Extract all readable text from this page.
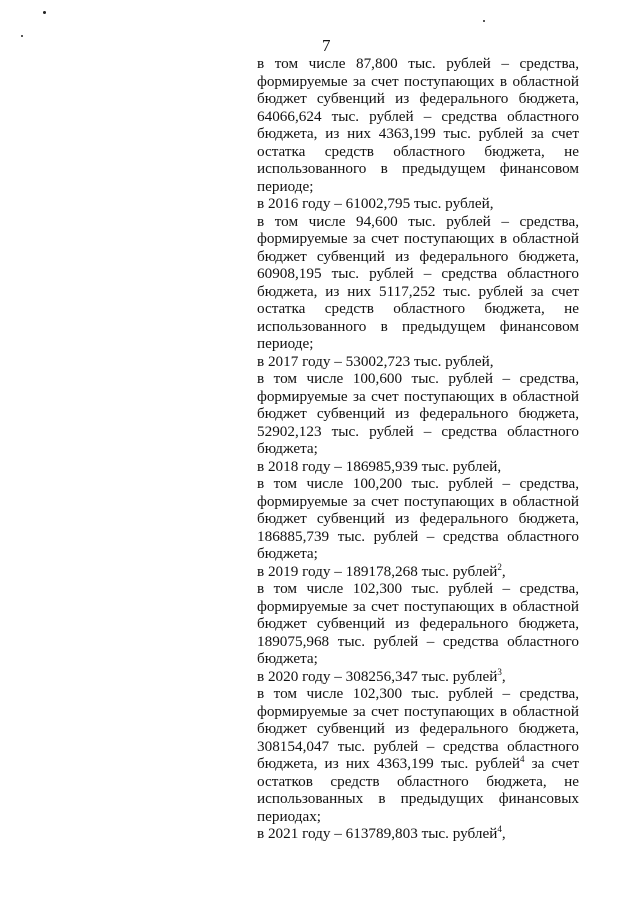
7

в том числе 87,800 тыс. рублей – средства, формируемые за счет поступающих в областной бюджет субвенций из федерального бюджета, 64066,624 тыс. рублей – средства областного бюджета, из них 4363,199 тыс. рублей за счет остатка средств областного бюджета, не использованного в предыдущем финансовом периоде;

в 2016 году – 61002,795 тыс. рублей,

в том числе 94,600 тыс. рублей – средства, формируемые за счет поступающих в областной бюджет субвенций из федерального бюджета, 60908,195 тыс. рублей – средства областного бюджета, из них 5117,252 тыс. рублей за счет остатка средств областного бюджета, не использованного в предыдущем финансовом периоде;

в 2017 году – 53002,723 тыс. рублей,

в том числе 100,600 тыс. рублей – средства, формируемые за счет поступающих в областной бюджет субвенций из федерального бюджета, 52902,123 тыс. рублей – средства областного бюджета;

в 2018 году – 186985,939 тыс. рублей,

в том числе 100,200 тыс. рублей – средства, формируемые за счет поступающих в областной бюджет субвенций из федерального бюджета, 186885,739 тыс. рублей – средства областного бюджета;

в 2019 году – 189178,268 тыс. рублей$^2$,

в том числе 102,300 тыс. рублей – средства, формируемые за счет поступающих в областной бюджет субвенций из федерального бюджета, 189075,968 тыс. рублей – средства областного бюджета;

в 2020 году – 308256,347 тыс. рублей$^3$,

в том числе 102,300 тыс. рублей – средства, формируемые за счет поступающих в областной бюджет субвенций из федерального бюджета, 308154,047 тыс. рублей – средства областного бюджета, из них 4363,199 тыс. рублей$^4$ за счет остатков средств областного бюджета, не использованных в предыдущих финансовых периодах;

в 2021 году – 613789,803 тыс. рублей$^4$,
